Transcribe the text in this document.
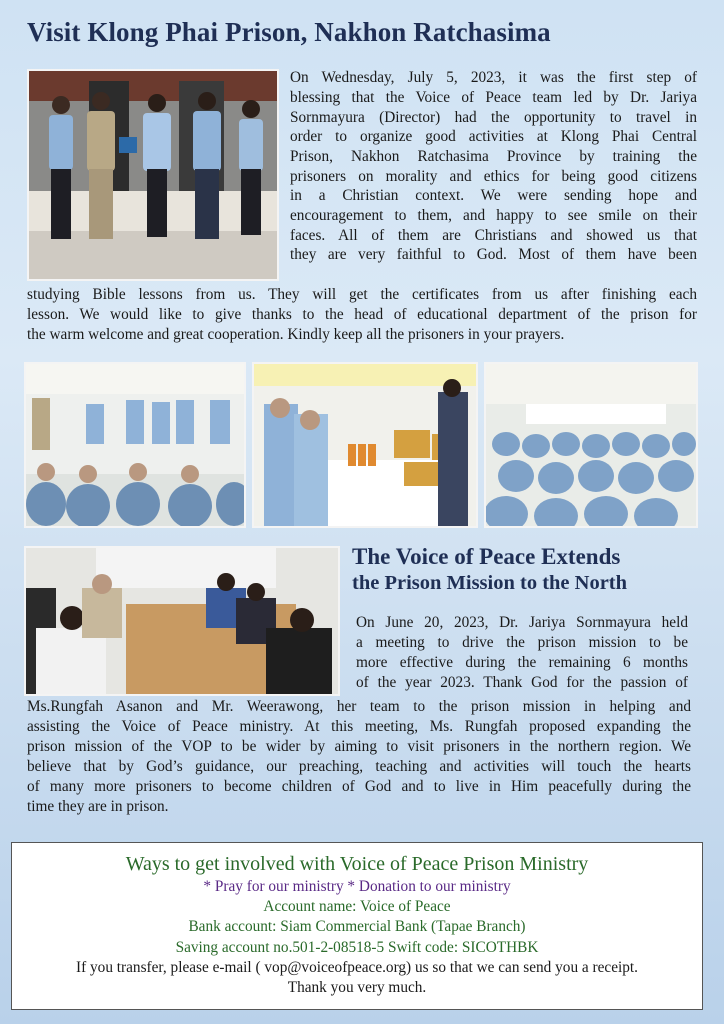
Visit Klong Phai Prison, Nakhon Ratchasima

On Wednesday, July 5, 2023, it was the first step of

blessing that the Voice of Peace team led by Dr. Jariya

Sornmayura (Director) had the opportunity to travel in

order to organize good activities at Klong Phai Central

Prison, Nakhon Ratchasima Province by training the

prisoners on morality and ethics for being good citizens

in a Christian context. We were sending hope and

encouragement to them, and happy to see smile on their

faces. All of them are Christians and showed us that

they are very faithful to God. Most of them have been

studying Bible lessons from us. They will get the certificates from us after finishing each

lesson. We would like to give thanks to the head of educational department of the prison for

the warm welcome and great cooperation. Kindly keep all the prisoners in your prayers.

The Voice of Peace Extends
the Prison Mission to the North

On June 20, 2023, Dr. Jariya Sornmayura held

a meeting to drive the prison mission to be

more effective during the remaining 6 months

of the year 2023. Thank God for the passion of

Ms.Rungfah Asanon and Mr. Weerawong, her team to the prison mission in helping and

assisting the Voice of Peace ministry. At this meeting, Ms. Rungfah proposed expanding the

prison mission of the VOP to be wider by aiming to visit prisoners in the northern region. We

believe that by God’s guidance, our preaching, teaching and activities will touch the hearts

of many more prisoners to become children of God and to live in Him peacefully during the

time they are in prison.

Ways to get involved with Voice of Peace Prison Ministry
* Pray for our ministry * Donation to our ministry
Account name: Voice of Peace
Bank account: Siam Commercial Bank (Tapae Branch)
Saving account no.501-2-08518-5 Swift code: SICOTHBK
If you transfer, please e-mail ( vop@voiceofpeace.org) us so that we can send you a receipt.
Thank you very much.
